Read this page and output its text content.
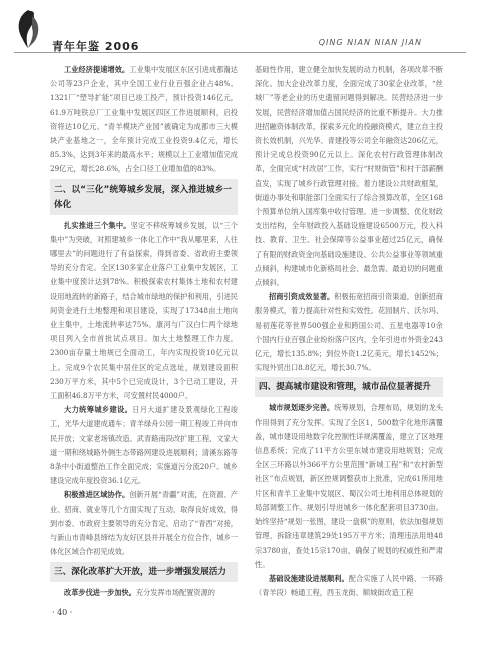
青年年鉴 2006	QING NIAN NIAN JIAN

工业经济提速增效。工业集中发展区东区引进成都瀚达公司等23户企业，其中全国工业行业百强企业占48%。1321厂“塑导扩能”项目已竣工投产，预计投资146亿元，61.9万吨铁总厂工业集中发展区四区工作进展顺利，启投资将达10亿元。“青羊模块产业园”被确定为成都市三大模块产业基地之一，全年预计完成工业投资9.4亿元，增长85.3%，达到3年来的最高水平；规模以上工业增加值完成29亿元，增长28.6%，占全口径工业增加值的83%。

二、以“三化”统筹城乡发展，深入推进城乡一体化

扎实推进三个集中。坚定不移统筹城乡发展，以“三个集中”为突破，对照建城乡一体化工作中“我从哪里来，人往哪里去”的问题进行了有益探索，得到省委、省政府主要领导的充分肯定。全区130多家企业落户工业集中发展区，工业集中度预计达到78%。积极探索农村集体土地和农村建设用地流转的新路子，结合城市绿地的保护和利用，引进民间资金进行土地整理和项目建设，实现了17348亩土地向业主集中，土地流转率达75%。康河与广汉白仁两个绿地项目列入全市首批试点项目。加大土地整理工作力度，2300亩存量土地规已全面动工，年内实现投资10亿元以上。完成9个农民集中居住区的定点选址，规划建设面积230万平方米，其中5个已完成设计，3个已动工建设，开工面积46.8万平方米，可安置村民4000户。

大力统筹城乡建设。日月大道扩建及景观绿化工程竣工，光华大道建成通车；青羊绿舟公园一期工程竣工并向市民开放；文家老场镇改造、武青路南段改扩建工程、文家大道一期和绕城路外侧生态带路网建设进展顺利；清溪东路等8条中小街道整治工作全面完成；实施道污分流20户。城乡建设完成年度投资36.1亿元。

积极推进区域协作。创新开展“青疆”对流，在资源、产业、招商、就业等几个方面实现了互动，取得良好成效，得到市委、市政府主要领导的充分肯定。启动了“青西”对接，与新山市青峰县缔结为友好区县并开展全方位合作，城乡一体化区域合作初见成效。

三、深化改革扩大开放，进一步增强发展活力

改革步伐进一步加快。充分发挥市场配置资源的

基础性作用，建立健全加快发展的动力机制，各项改革不断深化。加大企业改革力度，全面完成了30家企业改革，“丝城厂”等老企业的历史遗留问题得到解决。民营经济进一步发展，民营经济增加值占国民经济的比重不断提升。大力推进招融资体制改革，探索多元化的投融资模式，建立自主投资长效机制，兴光华、青建投等公司全年融资达206亿元，预计完成总投资90亿元以上。深化农村行政管理体制改革，全面完成“村改居”工作，实行“村财街管”和村干部薪酬直发，实现了城乡行政管理对接。着力建设公共财政框架，街道办事处和职能部门全面实行了综合预算改革，全区168个预算单位纳入国库集中收付管理。进一步调整、优化财政支出结构，全年财政投入基础设施建设6500万元，投入科技、教育、卫生、社会保障等公益事业超过25亿元，确保了有限的财政资金向基础设施建设、公共公益事业等领域重点倾斜，构建城市化新格局社会、最急需、最迫切的问题重点倾斜。

招商引资成效显著。积极拓宽招商引资渠道，创新招商服务模式，着力提高针对性和实效性。花园制片、沃尔玛、易初莲花等世界500强企业和跨国公司、五星电器等10余个国内行业百强企业纷纷落户区内，全年引进市外资金243亿元，增长135.8%；到位外资1.2亿美元，增长1452%；实现外贸出口8.8亿元，增长30.7%。

四、提高城市建设和管理，城市品位显著提升

城市规划逐步完善。统筹规划，合理布局，规划的龙头作用得到了充分发挥。实现了全区1，500数字化地形满覆盖，城市建设用地数字化控制性详规满覆盖，建立了区地理信息系统；完成了11平方公里东城市建设用地规划；完成全区三环路以外366平方公里范围“新城工程”和“农村新型社区”布点规划，新区控规调整获市上批准，完成61所用地片区和青羊工业集中发展区、蜀汉公司土地利用总体规划的局部调整工作。规划引导进城乡一体化配套项目3730亩。始终坚持“规划一张图，建设一盘棋”的原则，依法加强规划管理，拆除违章建筑29处195万平方米；清理违法用地48宗3780亩，查处15宗170亩，确保了规划的权威性和严肃性。

基础设施建设进展顺利。配合实施了人民中路、一环路（青羊段）畅通工程，西玉龙街、顺城街改造工程

· 40 ·
